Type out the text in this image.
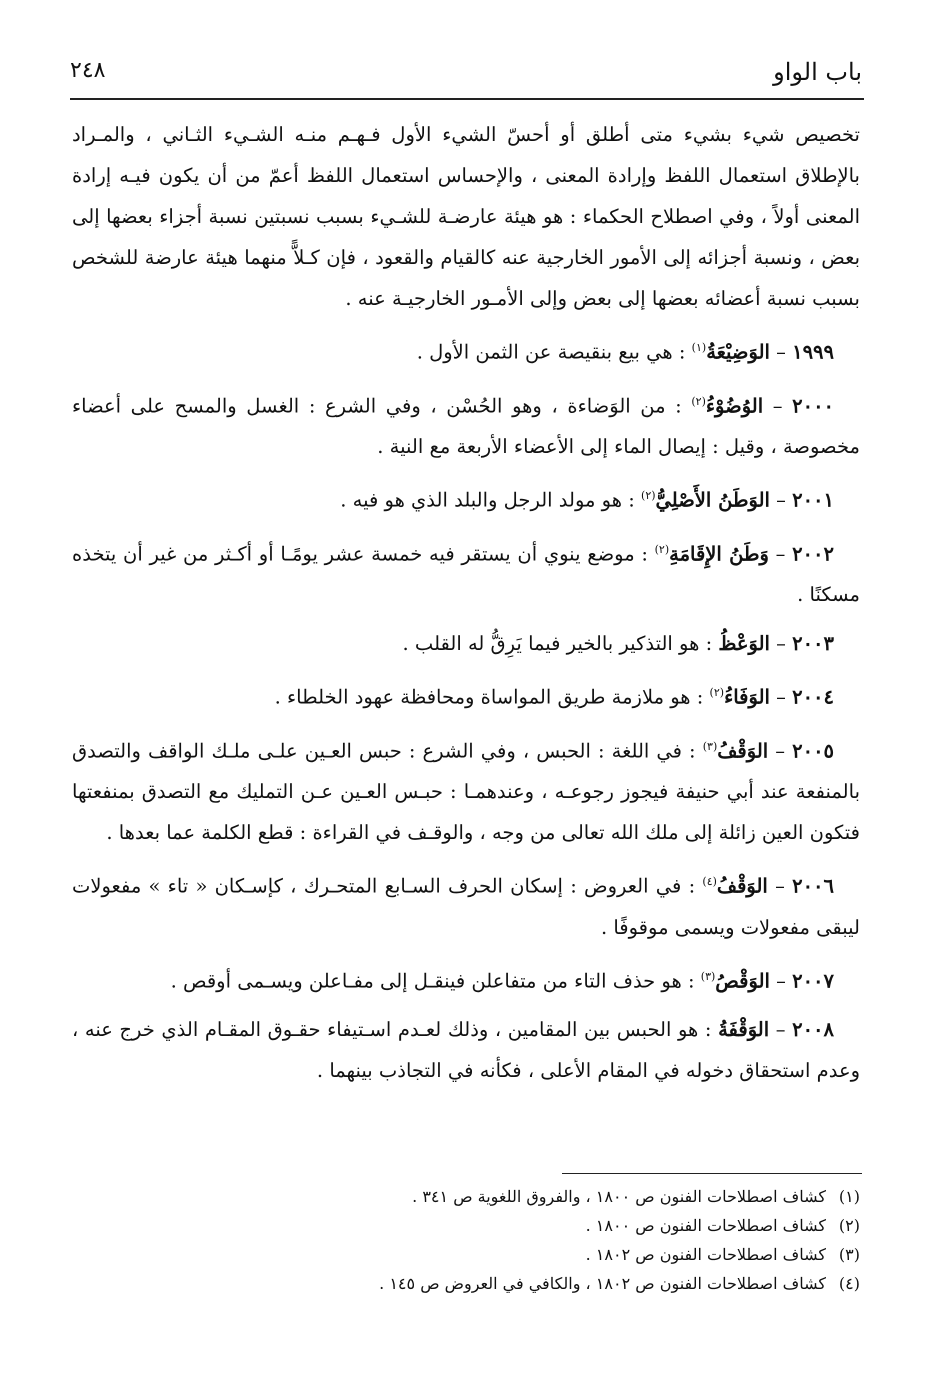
باب الواو
٢٤٨

تخصيص شيء بشيء متى أطلق أو أحسّ الشيء الأول فـهـم منـه الشـيء الثـاني ، والمـراد بالإطلاق استعمال اللفظ وإرادة المعنى ، والإحساس استعمال اللفظ أعمّ من أن يكون فيـه إرادة المعنى أولاً ، وفي اصطلاح الحكماء : هو هيئة عارضـة للشـيء بسبب نسبتين نسبة أجزاء بعضها إلى بعض ، ونسبة أجزائه إلى الأمور الخارجية عنه كالقيام والقعود ، فإن كـلاًّ منهما هيئة عارضة للشخص بسبب نسبة أعضائه بعضها إلى بعض وإلى الأمـور الخارجيـة عنه .

١٩٩٩ – الوَضِيْعَةُ$^{(١)}$ : هي بيع بنقيصة عن الثمن الأول .

٢٠٠٠ – الوُضُوْءُ$^{(٢)}$ : من الوَضاءة ، وهو الحُسْن ، وفي الشرع : الغسل والمسح على أعضاء مخصوصة ، وقيل : إيصال الماء إلى الأعضاء الأربعة مع النية .

٢٠٠١ – الوَطَنُ الأَصْلِيُّ$^{(٢)}$ : هو مولد الرجل والبلد الذي هو فيه .

٢٠٠٢ – وَطَنُ الإِقَامَةِ$^{(٢)}$ : موضع ينوي أن يستقر فيه خمسة عشر يومًـا أو أكـثر من غير أن يتخذه مسكنًا .

٢٠٠٣ – الوَعْظُ : هو التذكير بالخير فيما يَرِقُّ له القلب .

٢٠٠٤ – الوَفَاءُ$^{(٢)}$ : هو ملازمة طريق المواساة ومحافظة عهود الخلطاء .

٢٠٠٥ – الوَقْفُ$^{(٣)}$ : في اللغة : الحبس ، وفي الشرع : حبس العـين علـى ملـك الواقف والتصدق بالمنفعة عند أبي حنيفة فيجوز رجوعـه ، وعندهمـا : حبـس العـين عـن التمليك مع التصدق بمنفعتها فتكون العين زائلة إلى ملك الله تعالى من وجه ، والوقـف في القراءة : قطع الكلمة عما بعدها .

٢٠٠٦ – الوَقْفُ$^{(٤)}$ : في العروض : إسكان الحرف السـابع المتحـرك ، كإسـكان « تاء » مفعولات ليبقى مفعولات ويسمى موقوفًا .

٢٠٠٧ – الوَقْصُ$^{(٣)}$ : هو حذف التاء من متفاعلن فينقـل إلى مفـاعلن ويسـمى أوقص .

٢٠٠٨ – الوَقْفَةُ : هو الحبس بين المقامين ، وذلك لعـدم اسـتيفاء حقـوق المقـام الذي خرج عنه ، وعدم استحقاق دخوله في المقام الأعلى ، فكأنه في التجاذب بينهما .

(١)كشاف اصطلاحات الفنون ص ١٨٠٠ ، والفروق اللغوية ص ٣٤١ .
(٢)كشاف اصطلاحات الفنون ص ١٨٠٠ .
(٣)كشاف اصطلاحات الفنون ص ١٨٠٢ .
(٤)كشاف اصطلاحات الفنون ص ١٨٠٢ ، والكافي في العروض ص ١٤٥ .
